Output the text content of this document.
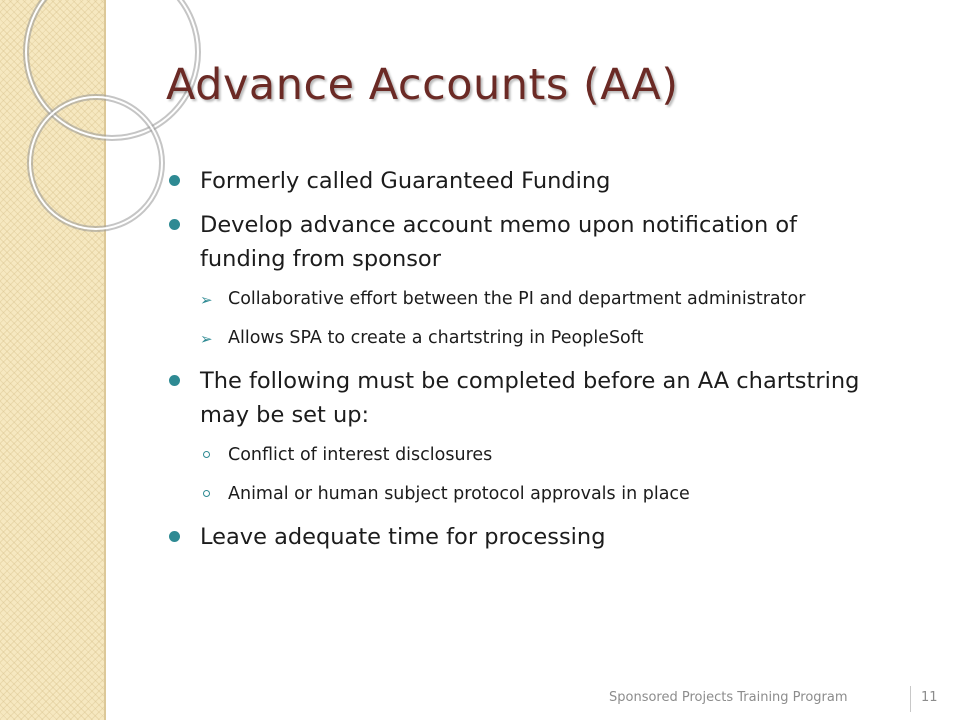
Advance Accounts (AA)
Formerly called Guaranteed Funding
Develop advance account memo upon notification of funding from sponsor
➢ Collaborative effort between the PI and department administrator
➢ Allows SPA to create a chartstring in PeopleSoft
The following must be completed before an AA chartstring may be set up:
Conflict of interest disclosures
Animal or human subject protocol approvals in place
Leave adequate time for processing
Sponsored Projects Training Program	11
